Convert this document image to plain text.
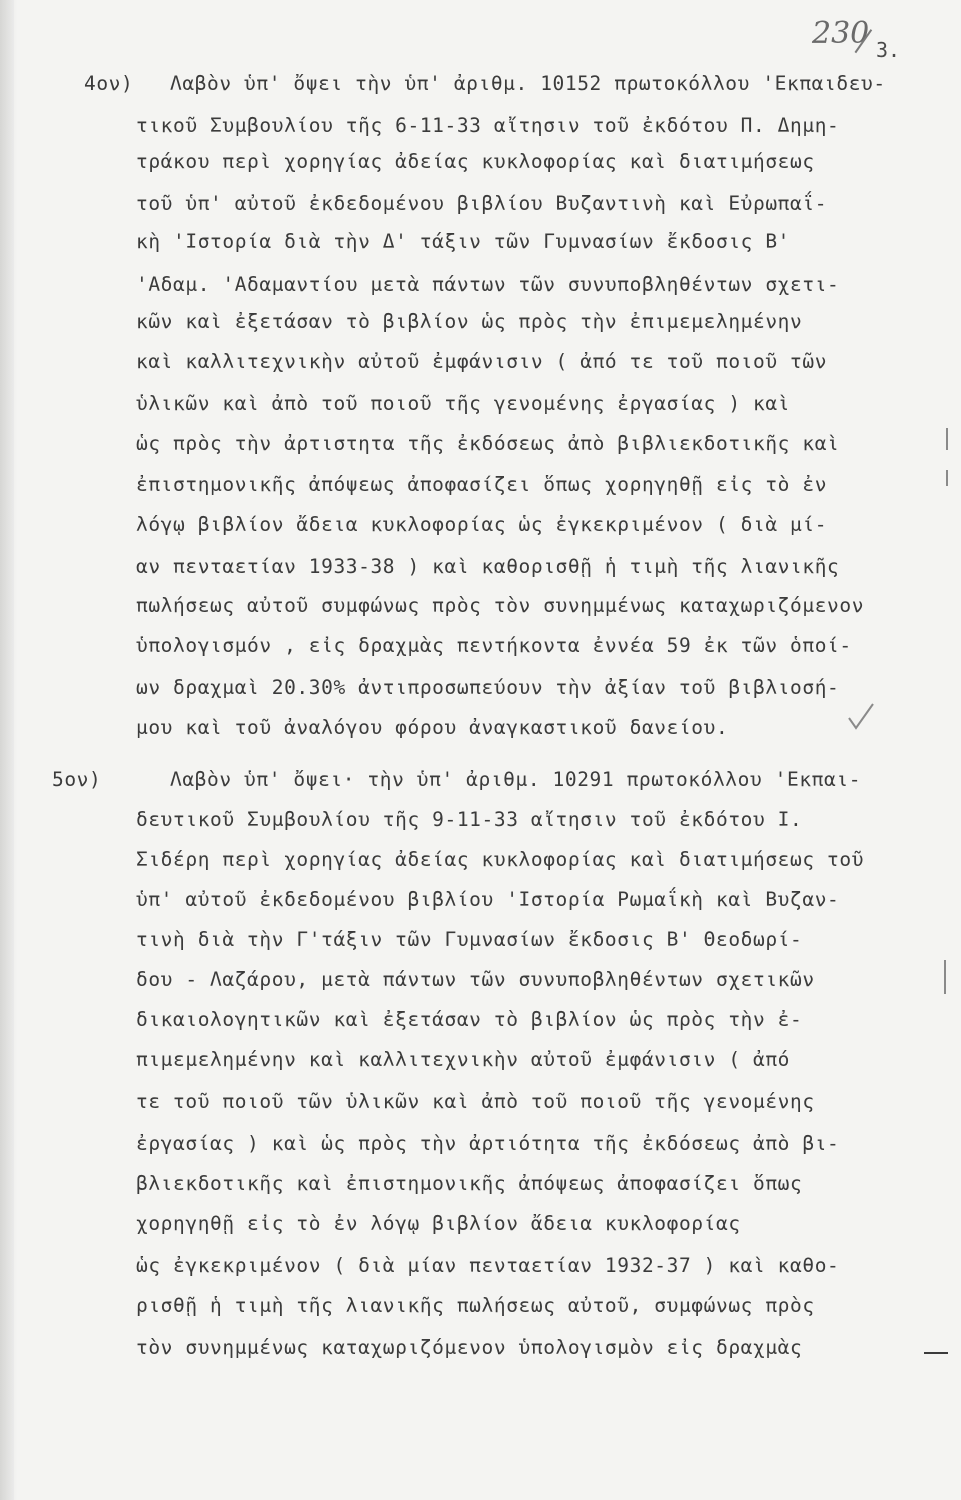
230 3.
4ον) Λαβὸν ὑπ' ὄψει τὴν ὑπ' ἀριθμ. 10152 πρωτοκόλλου 'Εκπαιδευ-
τικοῦ Συμβουλίου τῆς 6-11-33 αἴτησιν τοῦ ἐκδότου Π. Δημη-
τράκου περὶ χορηγίας ἀδείας κυκλοφορίας καὶ διατιμήσεως
τοῦ ὑπ' αὐτοῦ ἐκδεδομένου βιβλίου Βυζαντινὴ καὶ Εὐρωπαΐ-
κὴ 'Ιστορία διὰ τὴν Δ' τάξιν τῶν Γυμνασίων ἔκδοσις Β'
'Αδαμ. 'Αδαμαντίου μετὰ πάντων τῶν συνυποβληθέντων σχετι-
κῶν καὶ ἐξετάσαν τὸ βιβλίον ὡς πρὸς τὴν ἐπιμεμελημένην
καὶ καλλιτεχνικὴν αὐτοῦ ἐμφάνισιν ( ἀπό τε τοῦ ποιοῦ τῶν
ὑλικῶν καὶ ἀπὸ τοῦ ποιοῦ τῆς γενομένης ἐργασίας ) καὶ
ὡς πρὸς τὴν ἀρτιστητα τῆς ἐκδόσεως ἀπὸ βιβλιεκδοτικῆς καὶ
ἐπιστημονικῆς ἀπόψεως ἀποφασίζει ὅπως χορηγηθῇ εἰς τὸ ἐν
λόγῳ βιβλίον ἄδεια κυκλοφορίας ὡς ἐγκεκριμένον ( διὰ μί-
αν πενταετίαν 1933-38 ) καὶ καθορισθῇ ἡ τιμὴ τῆς λιανικῆς
πωλήσεως αὐτοῦ συμφώνως πρὸς τὸν συνημμένως καταχωριζόμενον
ὑπολογισμόν , εἰς δραχμὰς πεντήκοντα ἐννέα 59 ἐκ τῶν ὁποί-
ων δραχμαὶ 20.30% ἀντιπροσωπεύουν τὴν ἀξίαν τοῦ βιβλιοσή-
μου καὶ τοῦ ἀναλόγου φόρου ἀναγκαστικοῦ δανείου.
5ον)	Λαβὸν ὑπ' ὄψει· τὴν ὑπ' ἀριθμ. 10291 πρωτοκόλλου 'Εκπαι-
δευτικοῦ Συμβουλίου τῆς 9-11-33 αἴτησιν τοῦ ἐκδότου Ι.
Σιδέρη περὶ χορηγίας ἀδείας κυκλοφορίας καὶ διατιμήσεως τοῦ
ὑπ' αὐτοῦ ἐκδεδομένου βιβλίου 'Ιστορία Ρωμαΐκὴ καὶ Βυζαν-
τινὴ διὰ τὴν Γ'τάξιν τῶν Γυμνασίων ἔκδοσις Β' Θεοδωρί-
δου - Λαζάρου, μετὰ πάντων τῶν συνυποβληθέντων σχετικῶν
δικαιολογητικῶν καὶ ἐξετάσαν τὸ βιβλίον ὡς πρὸς τὴν ἐ-
πιμεμελημένην καὶ καλλιτεχνικὴν αὐτοῦ ἐμφάνισιν ( ἀπό
τε τοῦ ποιοῦ τῶν ὑλικῶν καὶ ἀπὸ τοῦ ποιοῦ τῆς γενομένης
ἐργασίας ) καὶ ὡς πρὸς τὴν ἀρτιότητα τῆς ἐκδόσεως ἀπὸ βι-
βλιεκδοτικῆς καὶ ἐπιστημονικῆς ἀπόψεως ἀποφασίζει ὅπως
χορηγηθῇ εἰς τὸ ἐν λόγῳ βιβλίον ἄδεια κυκλοφορίας
ὡς ἐγκεκριμένον ( διὰ μίαν πενταετίαν 1932-37 ) καὶ καθο-
ρισθῇ ἡ τιμὴ τῆς λιανικῆς πωλήσεως αὐτοῦ, συμφώνως πρὸς
τὸν συνημμένως καταχωριζόμενον ὑπολογισμὸν εἰς δραχμὰς
